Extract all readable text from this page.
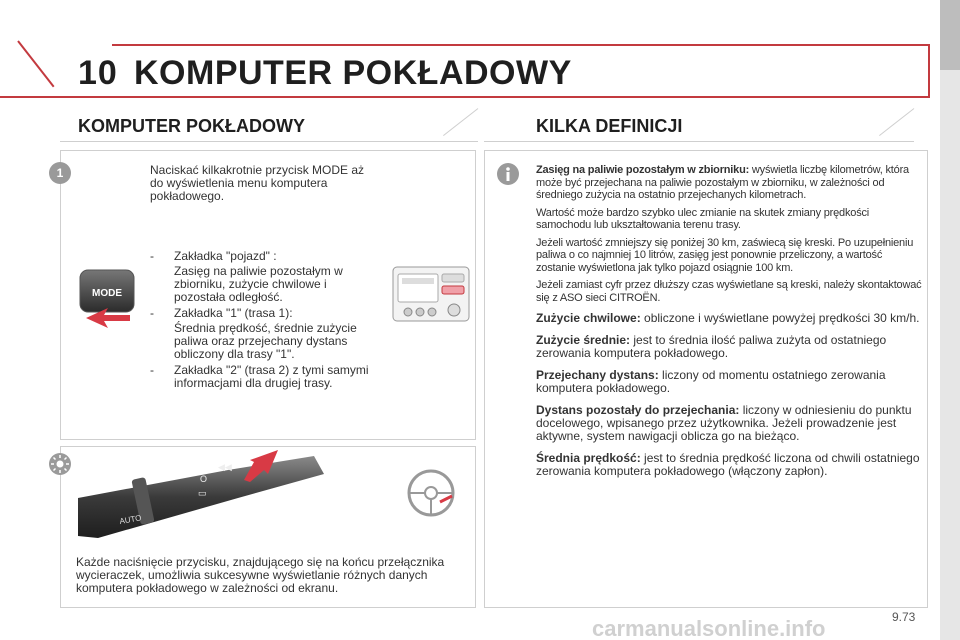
10 KOMPUTER POKŁADOWY
KOMPUTER POKŁADOWY	KILKA DEFINICJI
1	Naciskać kilkakrotnie przycisk MODE aż do wyświetlenia menu komputera pokładowego.
MODE
-	Zakładka "pojazd" :
Zasięg na paliwie pozostałym w zbiorniku, zużycie chwilowe i pozostała odległość.
-	Zakładka "1" (trasa 1):
Średnia prędkość, średnie zużycie paliwa oraz przejechany dystans obliczony dla trasy "1".
-	Zakładka "2" (trasa 2) z tymi samymi informacjami dla drugiej trasy.
AUTO
O
▭
◀◀
Każde naciśnięcie przycisku, znajdującego się na końcu przełącznika wycieraczek, umożliwia sukcesywne wyświetlanie różnych danych komputera pokładowego w zależności od ekranu.

Zasięg na paliwie pozostałym w zbiorniku: wyświetla liczbę kilometrów, która może być przejechana na paliwie pozostałym w zbiorniku, w zależności od średniego zużycia na ostatnio przejechanych kilometrach.

Wartość może bardzo szybko ulec zmianie na skutek zmiany prędkości samochodu lub ukształtowania terenu trasy.

Jeżeli wartość zmniejszy się poniżej 30 km, zaświecą się kreski. Po uzupełnieniu paliwa o co najmniej 10 litrów, zasięg jest ponownie przeliczony, a wartość zostanie wyświetlona jak tylko pojazd osiągnie 100 km.

Jeżeli zamiast cyfr przez dłuższy czas wyświetlane są kreski, należy skontaktować się z ASO sieci CITROËN.

Zużycie chwilowe: obliczone i wyświetlane powyżej prędkości 30 km/h.

Zużycie średnie: jest to średnia ilość paliwa zużyta od ostatniego zerowania komputera pokładowego.

Przejechany dystans: liczony od momentu ostatniego zerowania komputera pokładowego.

Dystans pozostały do przejechania: liczony w odniesieniu do punktu docelowego, wpisanego przez użytkownika. Jeżeli prowadzenie jest aktywne, system nawigacji oblicza go na bieżąco.

Średnia prędkość: jest to średnia prędkość liczona od chwili ostatniego zerowania komputera pokładowego (włączony zapłon).

carmanualsonline.info	9.73
